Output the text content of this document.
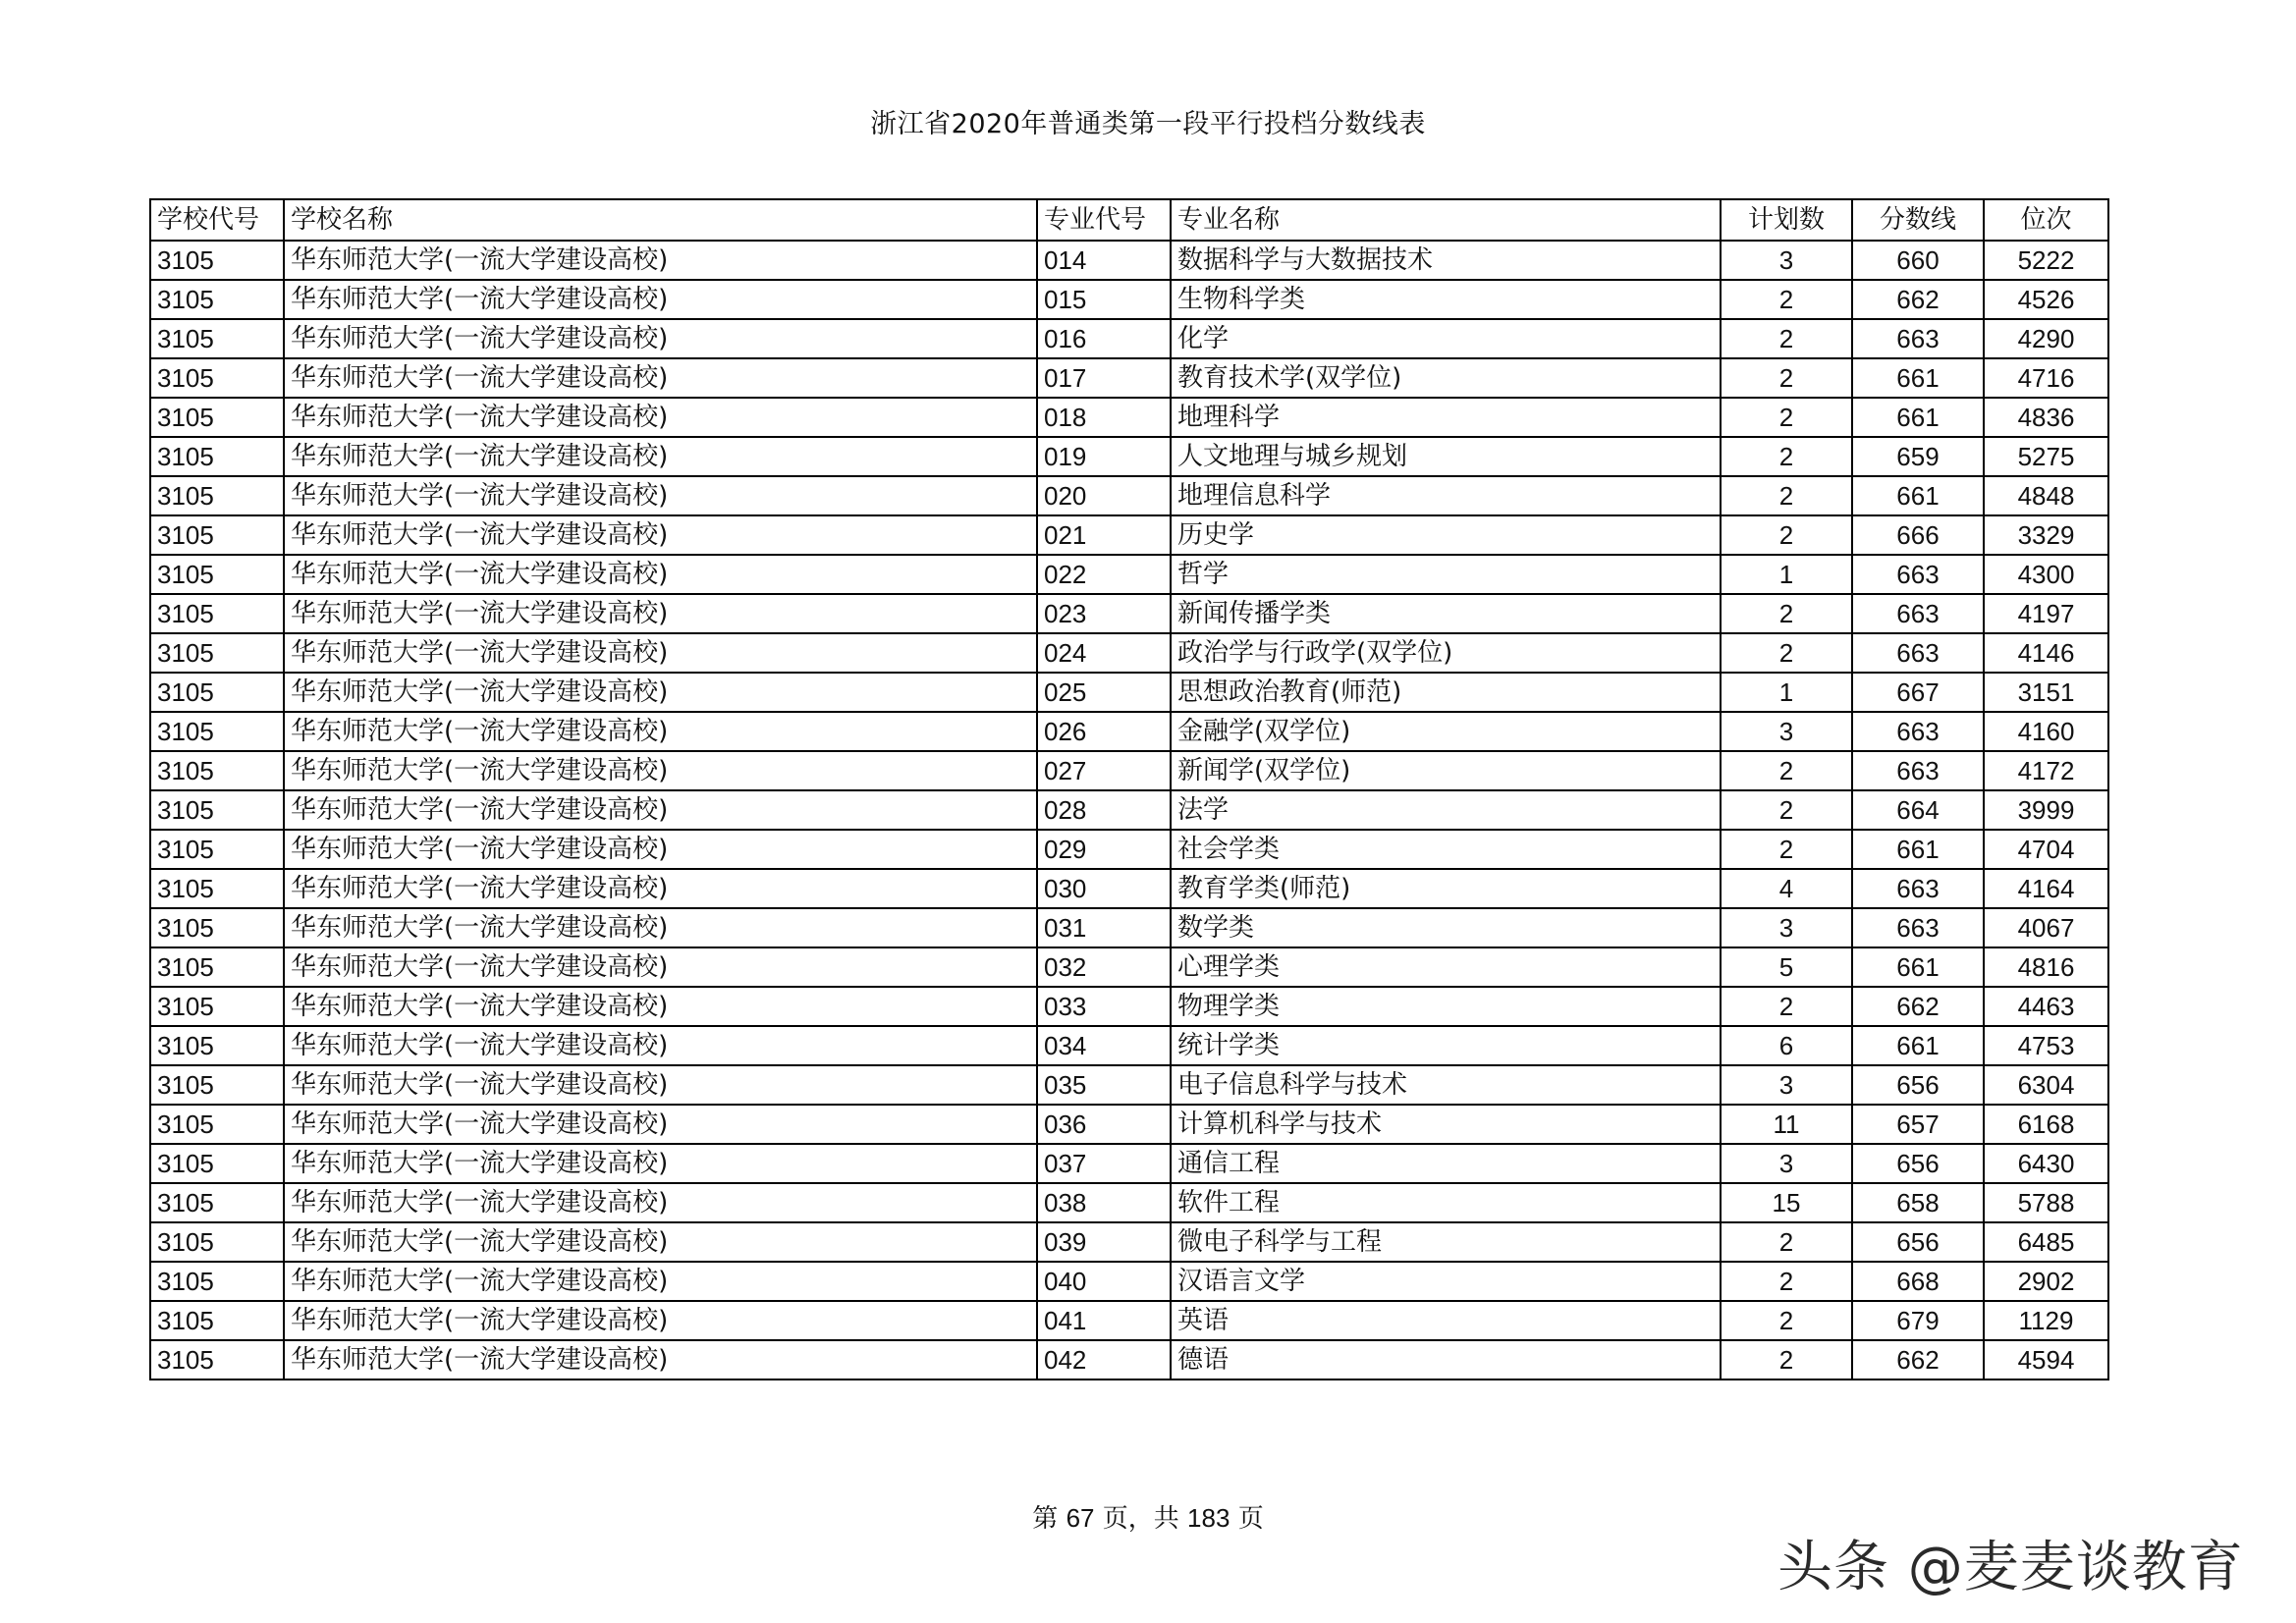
浙江省2020年普通类第一段平行投档分数线表
学校代号	学校名称	专业代号	专业名称	计划数	分数线	位次
3105	华东师范大学(一流大学建设高校)	014	数据科学与大数据技术	3	660	5222
3105	华东师范大学(一流大学建设高校)	015	生物科学类	2	662	4526
3105	华东师范大学(一流大学建设高校)	016	化学	2	663	4290
3105	华东师范大学(一流大学建设高校)	017	教育技术学(双学位)	2	661	4716
3105	华东师范大学(一流大学建设高校)	018	地理科学	2	661	4836
3105	华东师范大学(一流大学建设高校)	019	人文地理与城乡规划	2	659	5275
3105	华东师范大学(一流大学建设高校)	020	地理信息科学	2	661	4848
3105	华东师范大学(一流大学建设高校)	021	历史学	2	666	3329
3105	华东师范大学(一流大学建设高校)	022	哲学	1	663	4300
3105	华东师范大学(一流大学建设高校)	023	新闻传播学类	2	663	4197
3105	华东师范大学(一流大学建设高校)	024	政治学与行政学(双学位)	2	663	4146
3105	华东师范大学(一流大学建设高校)	025	思想政治教育(师范)	1	667	3151
3105	华东师范大学(一流大学建设高校)	026	金融学(双学位)	3	663	4160
3105	华东师范大学(一流大学建设高校)	027	新闻学(双学位)	2	663	4172
3105	华东师范大学(一流大学建设高校)	028	法学	2	664	3999
3105	华东师范大学(一流大学建设高校)	029	社会学类	2	661	4704
3105	华东师范大学(一流大学建设高校)	030	教育学类(师范)	4	663	4164
3105	华东师范大学(一流大学建设高校)	031	数学类	3	663	4067
3105	华东师范大学(一流大学建设高校)	032	心理学类	5	661	4816
3105	华东师范大学(一流大学建设高校)	033	物理学类	2	662	4463
3105	华东师范大学(一流大学建设高校)	034	统计学类	6	661	4753
3105	华东师范大学(一流大学建设高校)	035	电子信息科学与技术	3	656	6304
3105	华东师范大学(一流大学建设高校)	036	计算机科学与技术	11	657	6168
3105	华东师范大学(一流大学建设高校)	037	通信工程	3	656	6430
3105	华东师范大学(一流大学建设高校)	038	软件工程	15	658	5788
3105	华东师范大学(一流大学建设高校)	039	微电子科学与工程	2	656	6485
3105	华东师范大学(一流大学建设高校)	040	汉语言文学	2	668	2902
3105	华东师范大学(一流大学建设高校)	041	英语	2	679	1129
3105	华东师范大学(一流大学建设高校)	042	德语	2	662	4594
第 67 页，共 183 页
头条 @麦麦谈教育
